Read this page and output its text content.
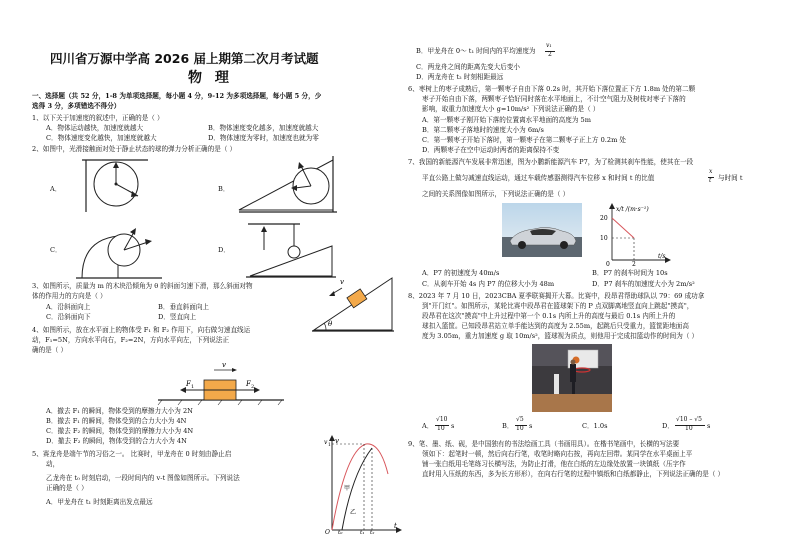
四川省万源中学高 2026 届上期第二次月考试题
物 理
一、选择题（共 52 分，1-8 为单项选择题，每小题 4 分，9-12 为多项选择题，每小题 5 分，少
选得 3 分，多项错选不得分）
1、以下关于加速度的叙述中，正确的是（ ）
A．物体运动越快，加速度就越大	B．物体速度变化越多，加速度就越大
C．物体速度变化越快，加速度就越大	D．物体速度为零时，加速度也就为零
2、如图中，光滑接触面对处于静止状态的球的弹力分析正确的是（ ）
A．	B．
C．	D．
3、如图所示，质量为 m 的木块沿倾角为 θ 的斜面匀速下滑，那么斜面对物
体的作用力的方向是（ ）
A．沿斜面向上	B．垂直斜面向上
C．沿斜面向下	D．竖直向上
v
θ
4、如图所示，放在水平面上的物体受 F₁ 和 F₂ 作用下，向右做匀速直线运
动，F₁=5N，方向水平向右，F₂=2N，方向水平向左，下列说法正
确的是（ ）
v
F 1	F 2
A．撤去 F₁ 的瞬间，物体受到的摩擦力大小为 2N
B．撤去 F₁ 的瞬间，物体受到的合力大小为 4N
C．撤去 F₂ 的瞬间，物体受到的摩擦力大小为 4N
D．撤去 F₂ 的瞬间，物体受到的合力大小为 4N
5、赛龙舟是端午节的习俗之一。 比赛时，甲龙舟在 0 时刻由静止启
动，
乙龙舟在 t₀ 时刻启动，一段时间内的 v-t 图像如图所示。下列说法
正确的是（ ）
A．甲龙舟在 t₁ 时刻距离出发点最远
v
v 1
甲
乙
O t₀	t₁ t₂
t
B．甲龙舟在 0～ t₁ 时间内的平均速度为
v₁
2
C．两龙舟之间的距离先变大后变小
D．两龙舟在 t₂ 时刻相距最远
6、枣树上的枣子成熟后，第一颗枣子自由下落 0.2s 时，其开始下落位置正下方 1.8m 处的第二颗
枣子开始自由下落，两颗枣子恰好同时落在水平地面上，不计空气阻力及树枝对枣子下落的
影响，取重力加速度大小 g=10m/s² 下列说法正确的是（ ）
A．第一颗枣子刚开始下落的位置离水平地面的高度为 5m
B．第二颗枣子落地时的速度大小为 6m/s
C．第一颗枣子开始下落时，第一颗枣子在第二颗枣子正上方 0.2m 处
D．两颗枣子在空中运动时两者的距离保持不变
7、我国的新能源汽车发展非常迅速，图为小鹏新能源汽车 P7，为了检测其刹车性能，使其在一段
平直公路上做匀减速直线运动，通过车载传感器测得汽车位移 x 和时间 t 的比值
x
t 与时间 t
之间的关系图像如图所示，下列说法正确的是（ ）
x/t /(m·s⁻¹)
20
10
0	2
t/s
A．P7 的初速度为 40m/s	B．P7 的刹车时间为 10s
C．从刹车开始 4s 内 P7 的位移大小为 48m	D．P7 刹车的加速度大小为 2m/s²
8、2023 年 7 月 10 日，2023CBA 夏季联赛揭开大幕。比赛中，段昂君帮助球队以 79：69 成功拿
到"开门红"。如图所示，某轮比赛中段昂君在篮球架下的 P 点双脚离地竖直向上跳起"摸高"，
段昂君在这次"摸高"中上升过程中第一个 0.1s 内所上升的高度与最后 0.1s 内所上升的
球扣入篮筐。已知段昂君站立单手能达到的高度为 2.55m，起跳后只受重力，篮筐距地面高
度为 3.05m，重力加速度 g 取 10m/s²，篮球视为质点，则他用于完成扣篮动作的时间为（ ）
A．
√10
10 s	B．
√5
10 s	C．1.0s	D．
√10 – √5
10 s
9、笔、墨、纸、砚，是中国独有的书法绘画工具（书画用具）。在楷书笔画中，长横的写法要
领如下：起笔时一顿，然后向右行笔，收笔时略向右按，再向左回带。某同学在水平桌面上平
铺一张白纸用毛笔练习长横写法，为防止打滑，他在白纸的左边缘处放置一块镇纸（压字作
直时用入压纸的东西，多为长方形形），在向右行笔的过程中镇纸和白纸都静止，下列说法正确的是（ ）
